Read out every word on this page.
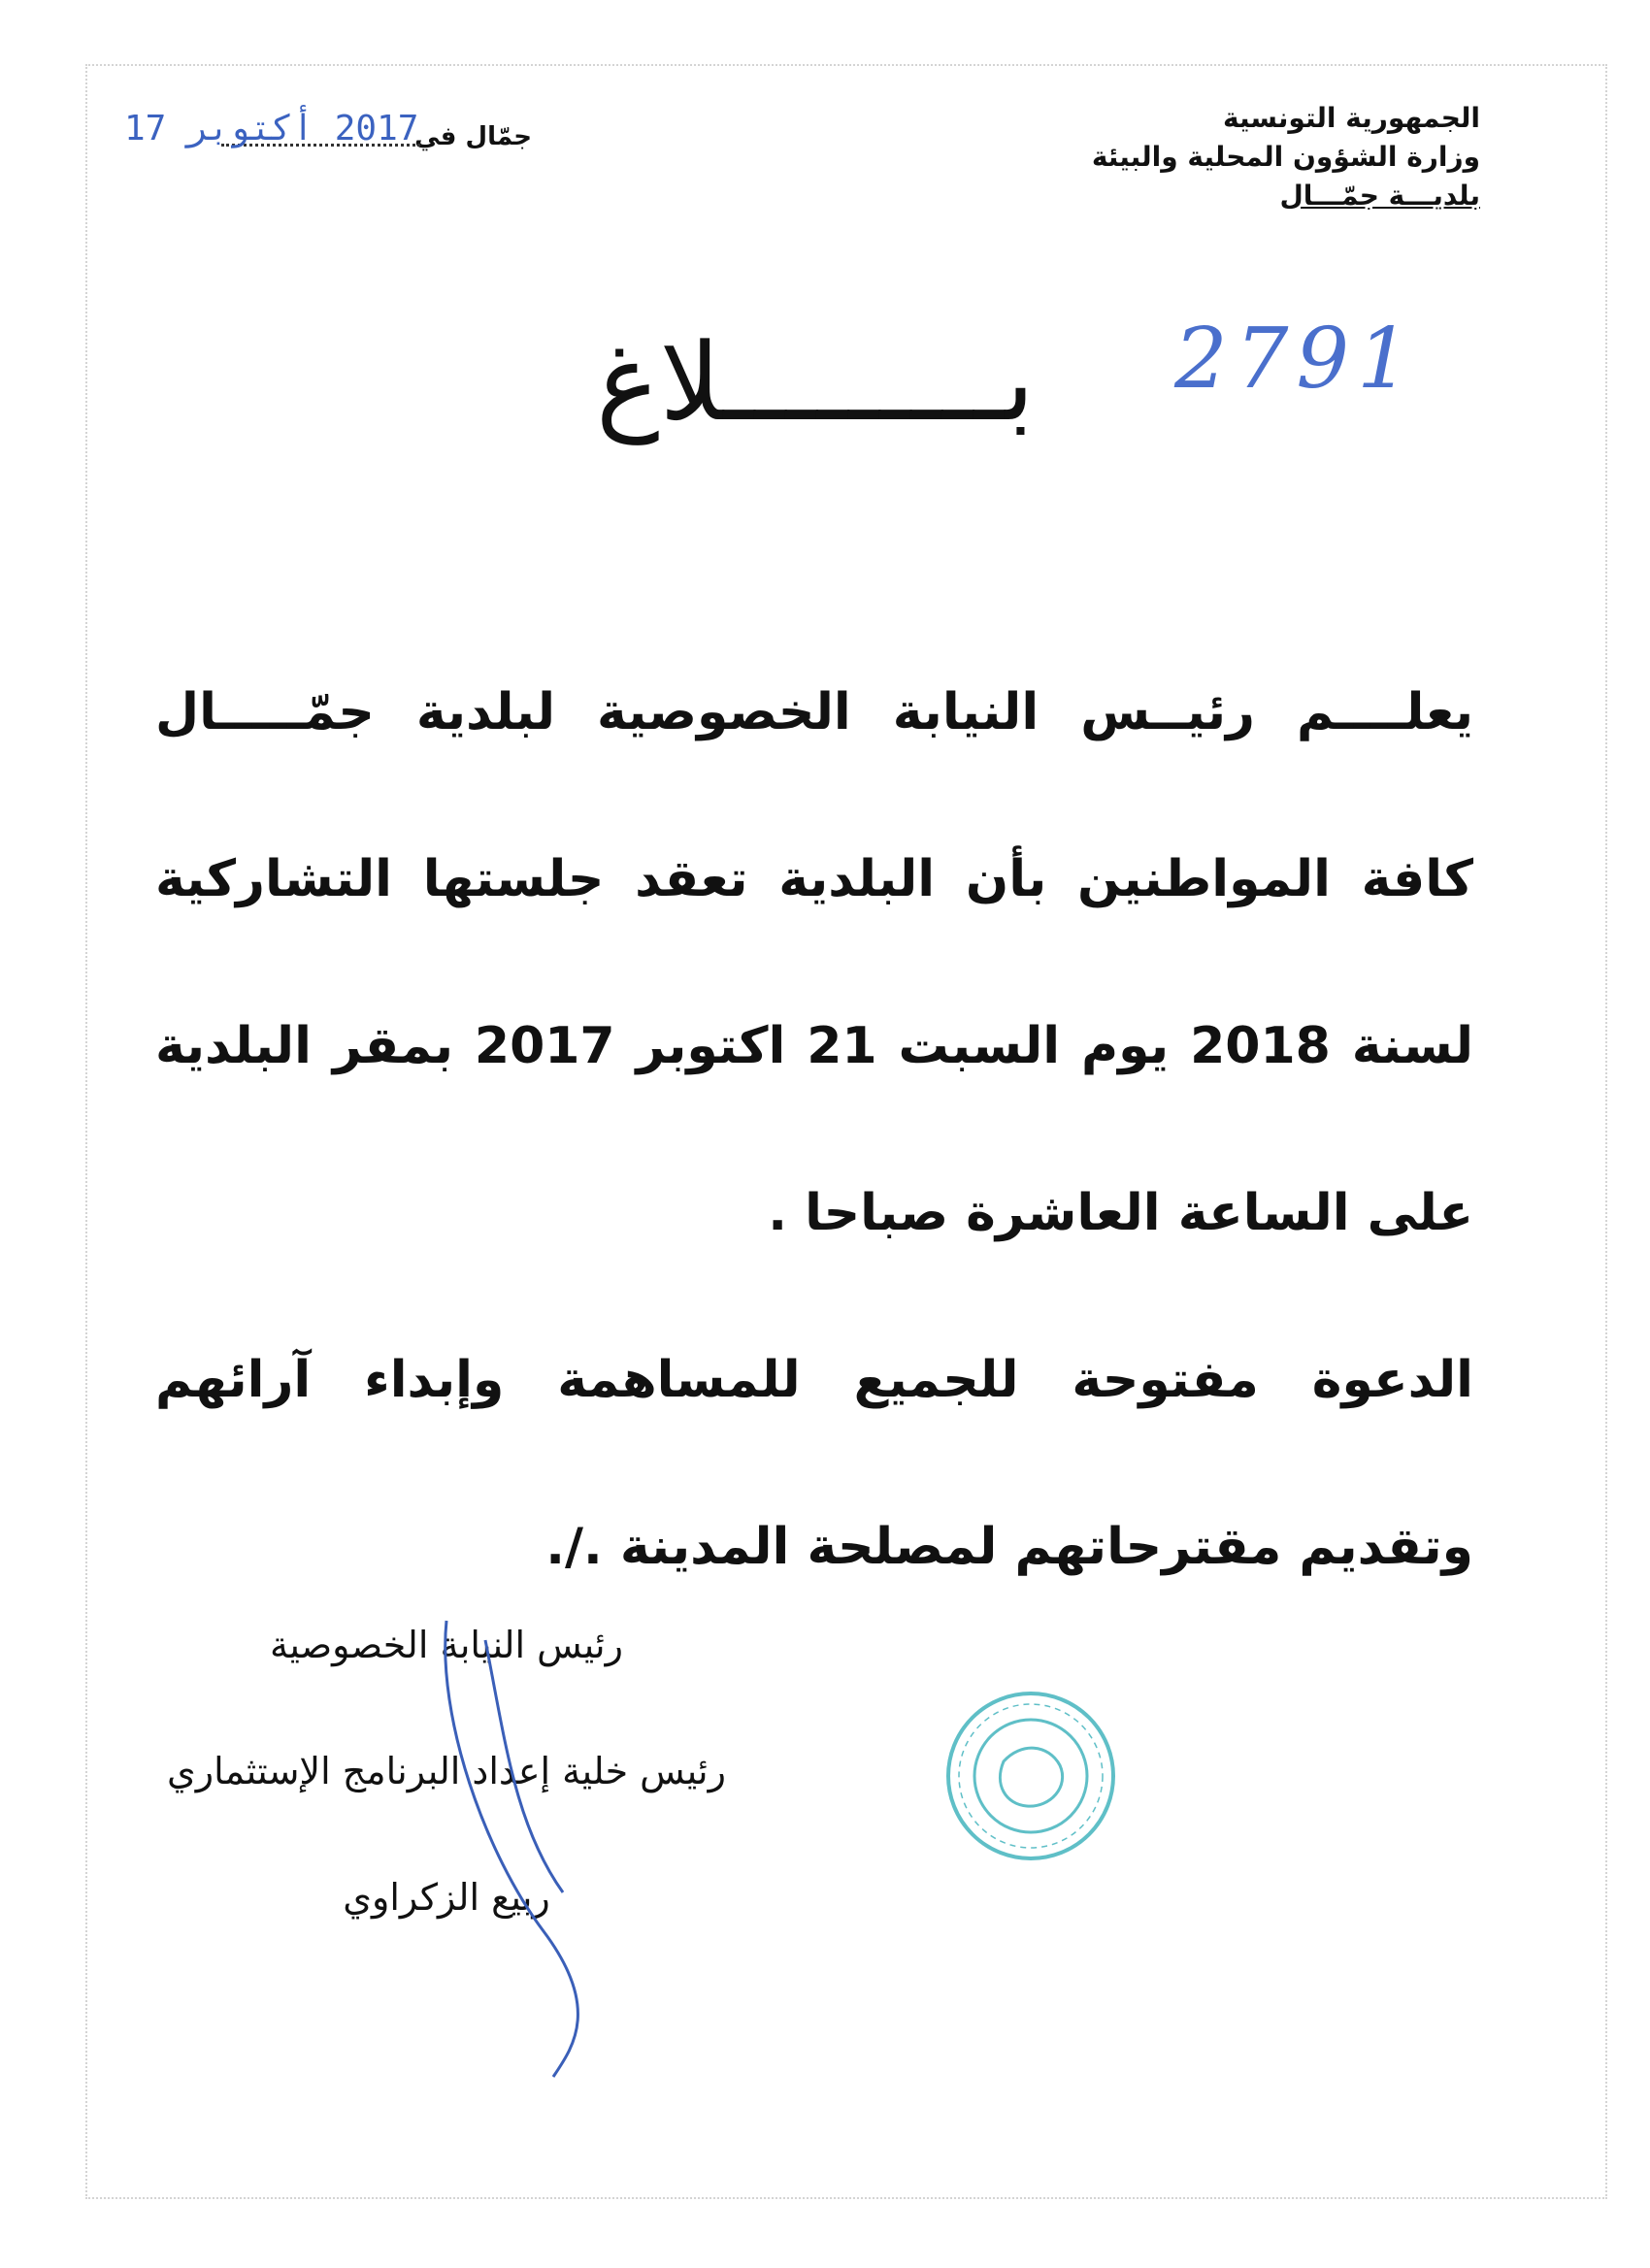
الجمهورية التونسية
وزارة الشؤون المحلية والبيئة
بلديـــة جمّـــال
جمّال في
2017 أكتوبر 17
2791
بـــــــــلاغ

يعلــــم رئيــس النيابة الخصوصية لبلدية جمّـــــال كافة المواطنين بأن البلدية تعقد جلستها التشاركية لسنة 2018 يوم السبت 21 اكتوبر 2017 بمقر البلدية على الساعة العاشرة صباحا .

الدعوة مفتوحة للجميع للمساهمة وإبداء آرائهم وتقديم مقترحاتهم لمصلحة المدينة ./.

رئيس النيابة الخصوصية
رئيس خلية إعداد البرنامج الإستثماري
ربيع الزكراوي
